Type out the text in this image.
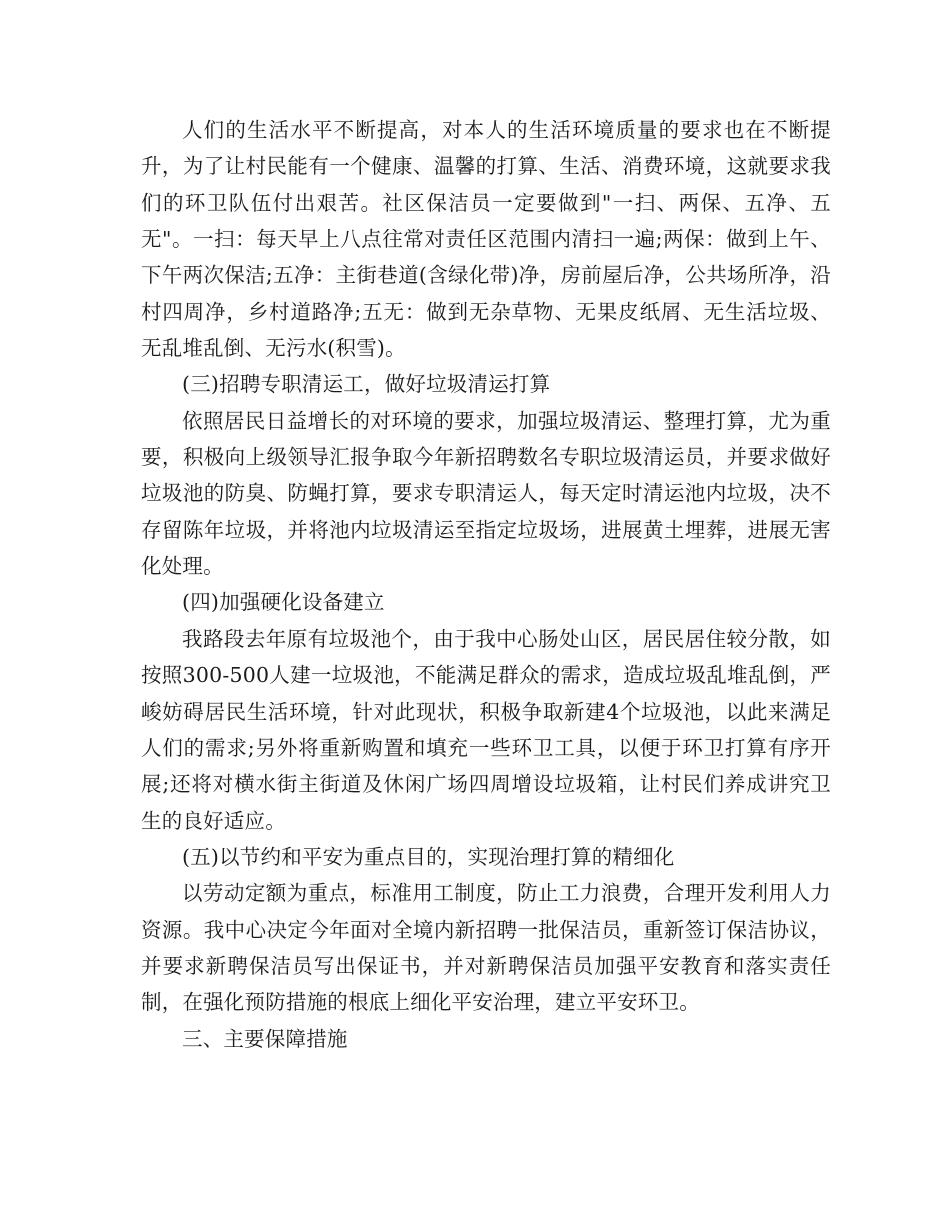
人们的生活水平不断提高，对本人的生活环境质量的要求也在不断提升，为了让村民能有一个健康、温馨的打算、生活、消费环境，这就要求我们的环卫队伍付出艰苦。社区保洁员一定要做到"一扫、两保、五净、五无"。一扫：每天早上八点往常对责任区范围内清扫一遍;两保：做到上午、下午两次保洁;五净：主街巷道(含绿化带)净，房前屋后净，公共场所净，沿村四周净，乡村道路净;五无：做到无杂草物、无果皮纸屑、无生活垃圾、无乱堆乱倒、无污水(积雪)。

(三)招聘专职清运工，做好垃圾清运打算

依照居民日益增长的对环境的要求，加强垃圾清运、整理打算，尤为重要，积极向上级领导汇报争取今年新招聘数名专职垃圾清运员，并要求做好垃圾池的防臭、防蝇打算，要求专职清运人，每天定时清运池内垃圾，决不存留陈年垃圾，并将池内垃圾清运至指定垃圾场，进展黄土埋葬，进展无害化处理。

(四)加强硬化设备建立

我路段去年原有垃圾池个，由于我中心肠处山区，居民居住较分散，如按照300-500人建一垃圾池，不能满足群众的需求，造成垃圾乱堆乱倒，严峻妨碍居民生活环境，针对此现状，积极争取新建4个垃圾池，以此来满足人们的需求;另外将重新购置和填充一些环卫工具，以便于环卫打算有序开展;还将对横水街主街道及休闲广场四周增设垃圾箱，让村民们养成讲究卫生的良好适应。

(五)以节约和平安为重点目的，实现治理打算的精细化

以劳动定额为重点，标准用工制度，防止工力浪费，合理开发利用人力资源。我中心决定今年面对全境内新招聘一批保洁员，重新签订保洁协议，并要求新聘保洁员写出保证书，并对新聘保洁员加强平安教育和落实责任制，在强化预防措施的根底上细化平安治理，建立平安环卫。

三、主要保障措施
